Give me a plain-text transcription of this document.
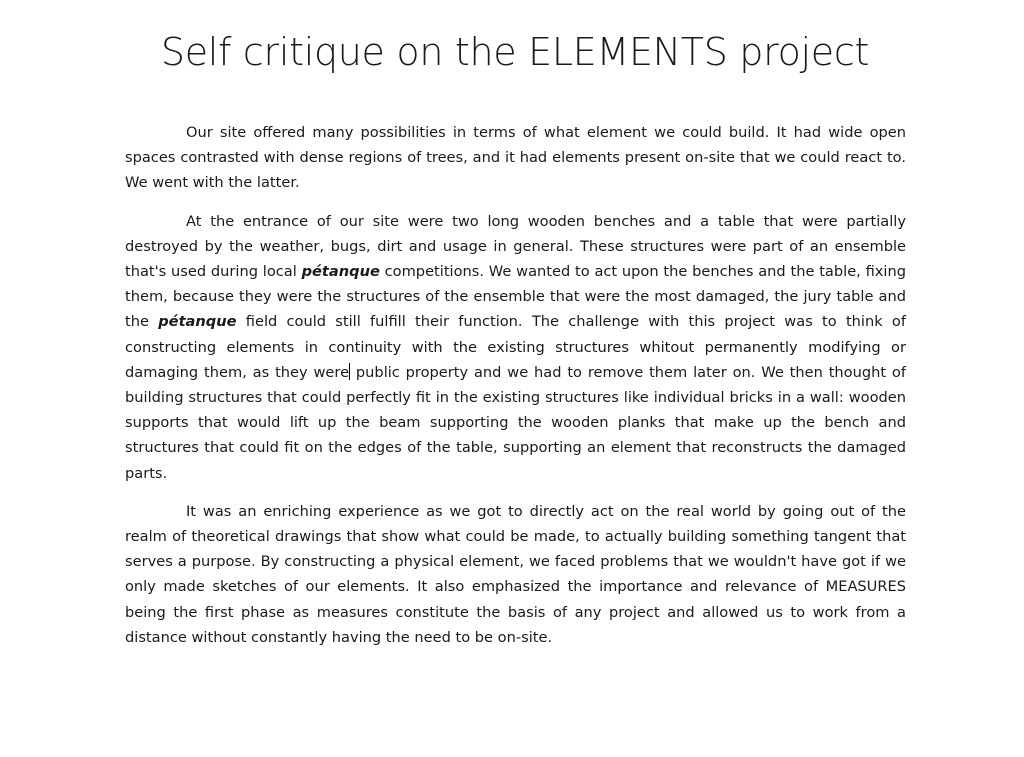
Self critique on the ELEMENTS project

Our site offered many possibilities in terms of what element we could build. It had wide open spaces contrasted with dense regions of trees, and it had elements present on-site that we could react to. We went with the latter.

At the entrance of our site were two long wooden benches and a table that were partially destroyed by the weather, bugs, dirt and usage in general. These structures were part of an ensemble that's used during local pétanque competitions. We wanted to act upon the benches and the table, fixing them, because they were the structures of the ensemble that were the most damaged, the jury table and the pétanque field could still fulfill their function. The challenge with this project was to think of constructing elements in continuity with the existing structures whitout permanently modifying or damaging them, as they were public property and we had to remove them later on. We then thought of building structures that could perfectly fit in the existing structures like individual bricks in a wall: wooden supports that would lift up the beam supporting the wooden planks that make up the bench and structures that could fit on the edges of the table, supporting an element that reconstructs the damaged parts.

It was an enriching experience as we got to directly act on the real world by going out of the realm of theoretical drawings that show what could be made, to actually building something tangent that serves a purpose. By constructing a physical element, we faced problems that we wouldn't have got if we only made sketches of our elements. It also emphasized the importance and relevance of MEASURES being the first phase as measures constitute the basis of any project and allowed us to work from a distance without constantly having the need to be on-site.
